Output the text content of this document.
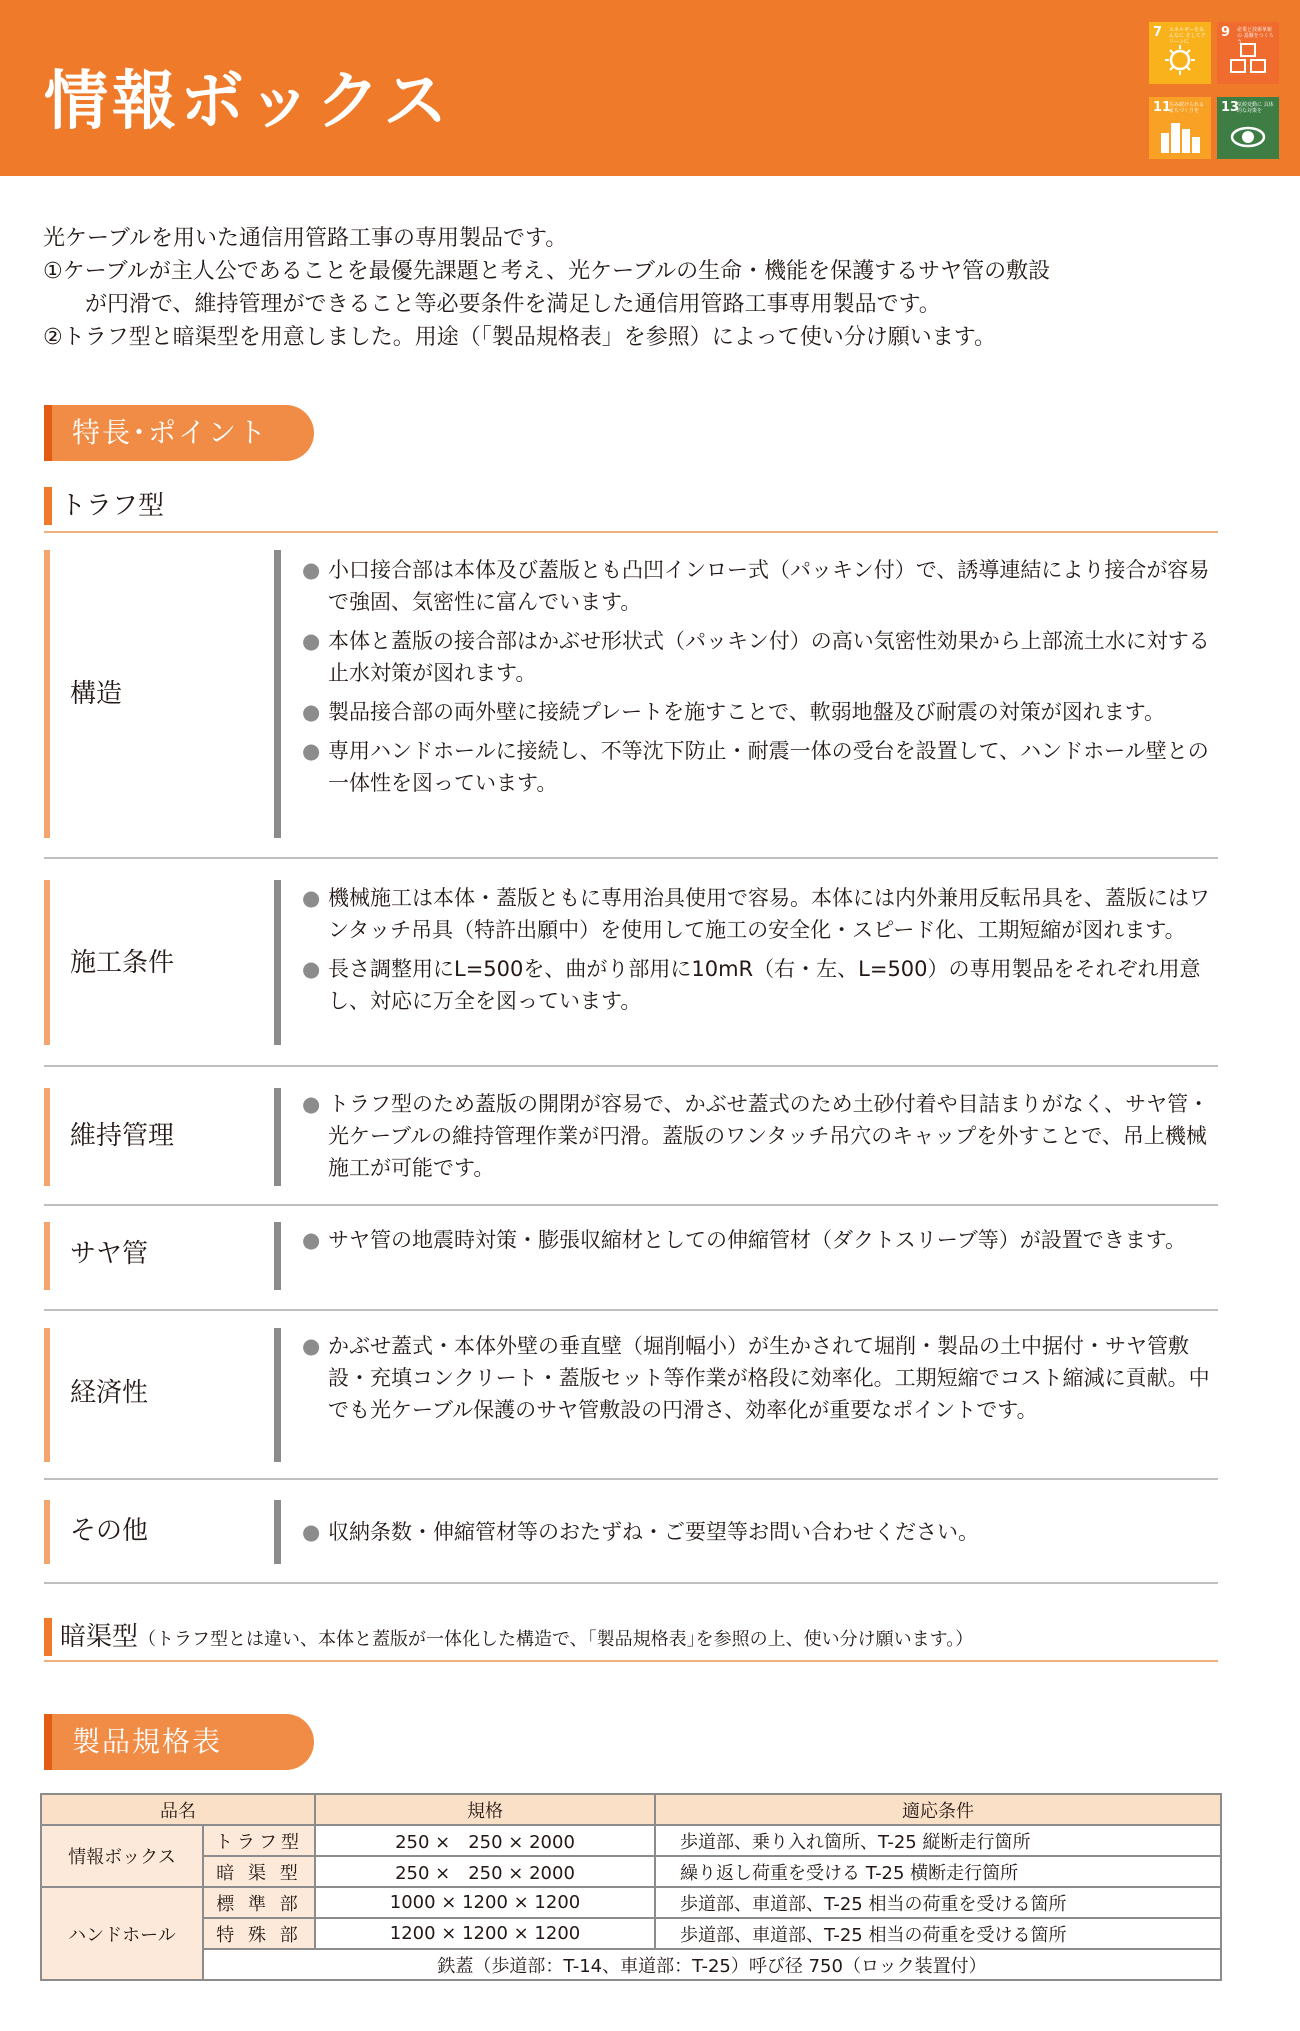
情報ボックス
7 エネルギーをみんなに そしてクリーンに
9 産業と技術革新の 基盤をつくろう
11
住み続けられる まちづくりを	13
気候変動に 具体的な対策を

光ケーブルを用いた通信用管路工事の専用製品です。

①ケーブルが主人公であることを最優先課題と考え、光ケーブルの生命・機能を保護するサヤ管の敷設

が円滑で、維持管理ができること等必要条件を満足した通信用管路工事専用製品です。

②トラフ型と暗渠型を用意しました。用途（「製品規格表」を参照）によって使い分け願います。

特長･ポイント
トラフ型
構造
● 小口接合部は本体及び蓋版とも凸凹インロー式（パッキン付）で、誘導連結により接合が容易で強固、気密性に富んでいます。
● 本体と蓋版の接合部はかぶせ形状式（パッキン付）の高い気密性効果から上部流土水に対する止水対策が図れます。
● 製品接合部の両外壁に接続プレートを施すことで、軟弱地盤及び耐震の対策が図れます。
● 専用ハンドホールに接続し、不等沈下防止・耐震一体の受台を設置して、ハンドホール壁との一体性を図っています。
施工条件
● 機械施工は本体・蓋版ともに専用治具使用で容易。本体には内外兼用反転吊具を、蓋版にはワンタッチ吊具（特許出願中）を使用して施工の安全化・スピード化、工期短縮が図れます。
● 長さ調整用にL=500を、曲がり部用に10mR（右・左、L=500）の専用製品をそれぞれ用意し、対応に万全を図っています。
維持管理
● トラフ型のため蓋版の開閉が容易で、かぶせ蓋式のため土砂付着や目詰まりがなく、サヤ管・光ケーブルの維持管理作業が円滑。蓋版のワンタッチ吊穴のキャップを外すことで、吊上機械施工が可能です。
サヤ管	● サヤ管の地震時対策・膨張収縮材としての伸縮管材（ダクトスリーブ等）が設置できます。
経済性
● かぶせ蓋式・本体外壁の垂直壁（堀削幅小）が生かされて堀削・製品の土中据付・サヤ管敷設・充填コンクリート・蓋版セット等作業が格段に効率化。工期短縮でコスト縮減に貢献。中でも光ケーブル保護のサヤ管敷設の円滑さ、効率化が重要なポイントです。
その他	● 収納条数・伸縮管材等のおたずね・ご要望等お問い合わせください。
暗渠型（トラフ型とは違い、本体と蓋版が一体化した構造で、｢製品規格表｣を参照の上、使い分け願います。）
製品規格表
品名		規格	適応条件
情報ボックス	トラフ型	250 ×　250 × 2000	歩道部、乗り入れ箇所、T-25 縦断走行箇所
	暗 渠 型	250 ×　250 × 2000	繰り返し荷重を受ける T-25 横断走行箇所
ハンドホール	標 準 部	1000 × 1200 × 1200	歩道部、車道部、T-25 相当の荷重を受ける箇所
	特 殊 部	1200 × 1200 × 1200	歩道部、車道部、T-25 相当の荷重を受ける箇所
	鉄蓋（歩道部：T-14、車道部：T-25）呼び径 750（ロック装置付）		
